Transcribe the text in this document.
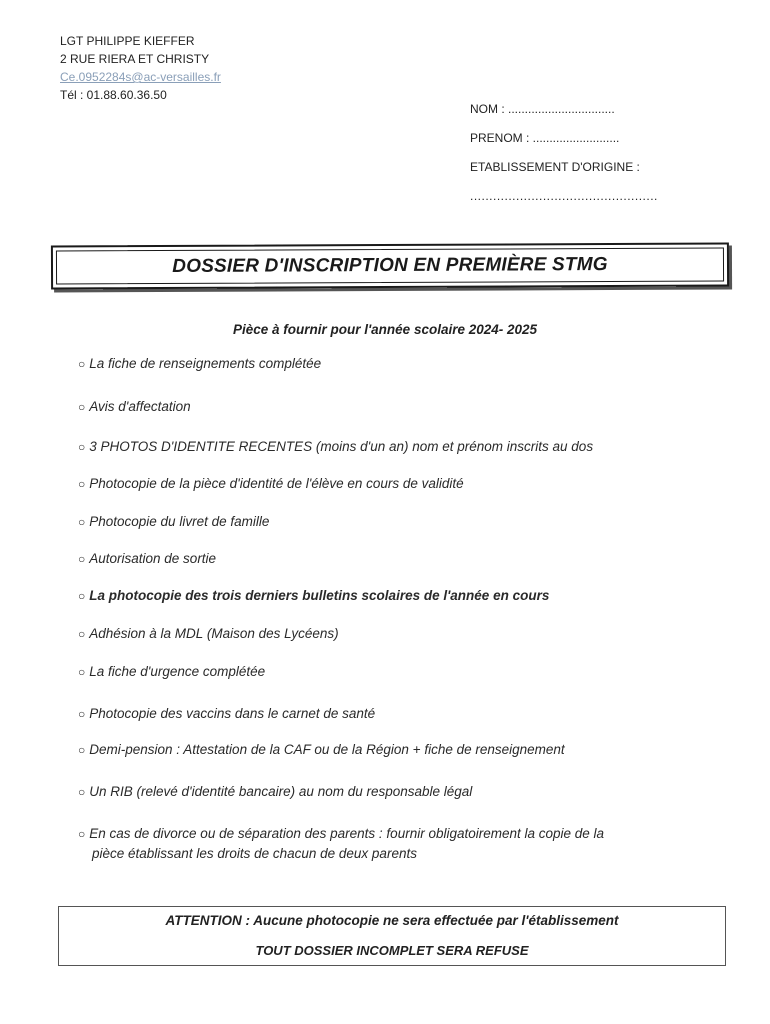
LGT PHILIPPE KIEFFER
2 RUE RIERA ET CHRISTY
Ce.0952284s@ac-versailles.fr
Tél : 01.88.60.36.50
NOM : ................................
PRENOM : ..........................
ETABLISSEMENT D'ORIGINE :
.................................................
DOSSIER D'INSCRIPTION EN PREMIÈRE STMG
Pièce à fournir pour l'année scolaire 2024- 2025
○ La fiche de renseignements complétée
○ Avis d'affectation
○ 3 PHOTOS D'IDENTITE RECENTES (moins d'un an) nom et prénom inscrits au dos
○ Photocopie de la pièce d'identité de l'élève en cours de validité
○ Photocopie du livret de famille
○ Autorisation de sortie
○ La photocopie des trois derniers bulletins scolaires de l'année en cours
○ Adhésion à la MDL (Maison des Lycéens)
○ La fiche d'urgence complétée
○ Photocopie des vaccins dans le carnet de santé
○ Demi-pension : Attestation de la CAF ou de la Région + fiche de renseignement
○ Un RIB (relevé d'identité bancaire) au nom du responsable légal
○ En cas de divorce ou de séparation des parents : fournir obligatoirement la copie de la
pièce établissant les droits de chacun de deux parents
ATTENTION : Aucune photocopie ne sera effectuée par l'établissement
TOUT DOSSIER INCOMPLET SERA REFUSE
